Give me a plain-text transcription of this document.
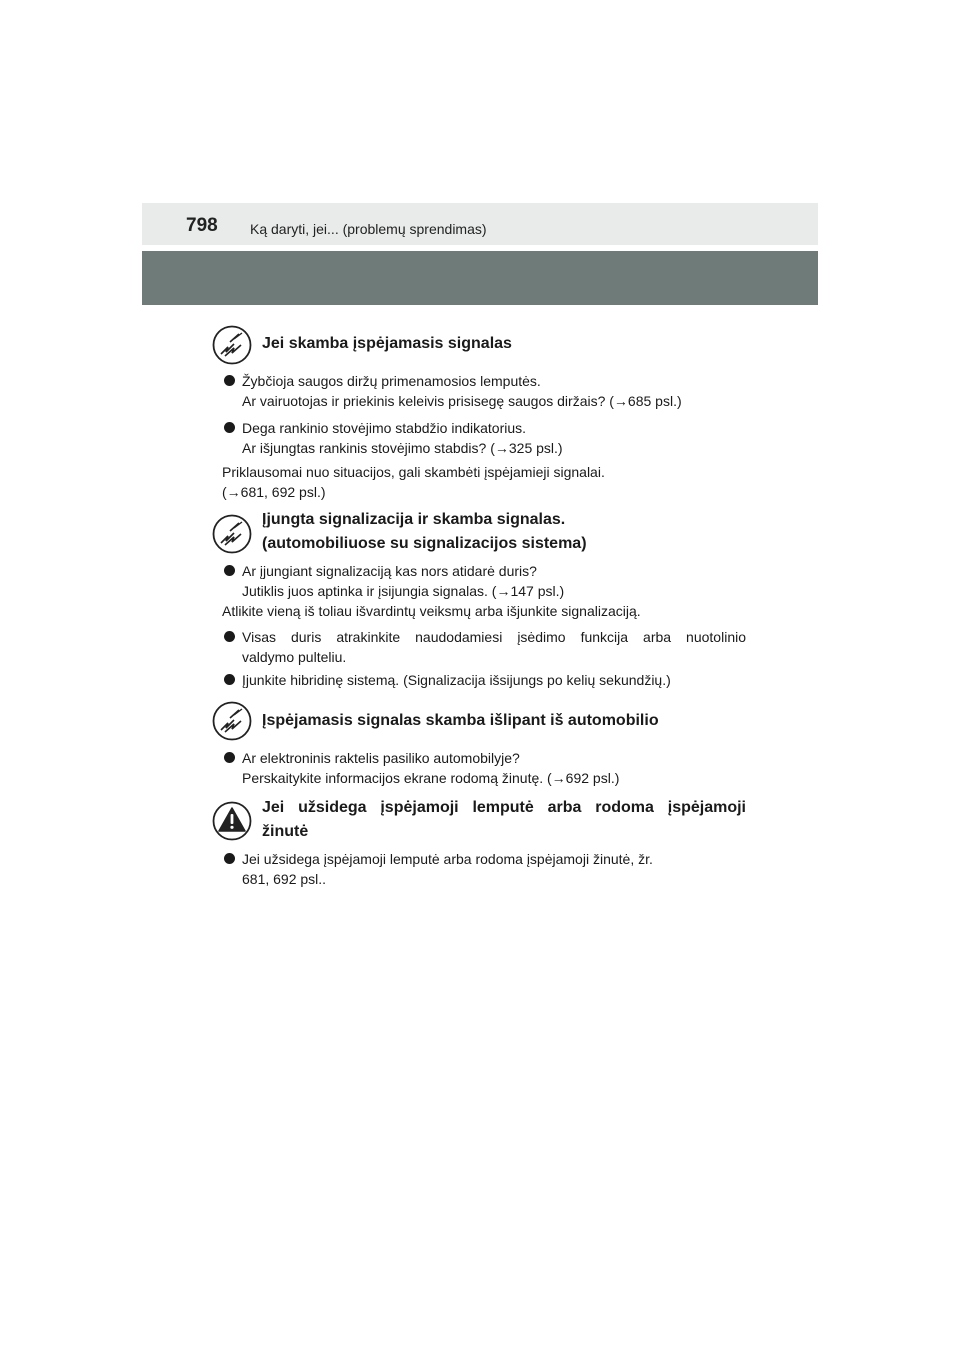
798 Ką daryti, jei... (problemų sprendimas)
Jei skamba įspėjamasis signalas
Žybčioja saugos diržų primenamosios lemputės.
Ar vairuotojas ir priekinis keleivis prisisegę saugos diržais? (→685 psl.)
Dega rankinio stovėjimo stabdžio indikatorius.
Ar išjungtas rankinis stovėjimo stabdis? (→325 psl.)
Priklausomai nuo situacijos, gali skambėti įspėjamieji signalai.
(→681, 692 psl.)
Įjungta signalizacija ir skamba signalas.
(automobiliuose su signalizacijos sistema)
Ar įjungiant signalizaciją kas nors atidarė duris?
Jutiklis juos aptinka ir įsijungia signalas. (→147 psl.)
Atlikite vieną iš toliau išvardintų veiksmų arba išjunkite signalizaciją.
Visas duris atrakinkite naudodamiesi įsėdimo funkcija arba nuotolinio
valdymo pulteliu.
Įjunkite hibridinę sistemą. (Signalizacija išsijungs po kelių sekundžių.)
Įspėjamasis signalas skamba išlipant iš automobilio
Ar elektroninis raktelis pasiliko automobilyje?
Perskaitykite informacijos ekrane rodomą žinutę. (→692 psl.)
Jei užsidega įspėjamoji lemputė arba rodoma įspėjamoji
žinutė
Jei užsidega įspėjamoji lemputė arba rodoma įspėjamoji žinutė, žr.
681, 692 psl..
